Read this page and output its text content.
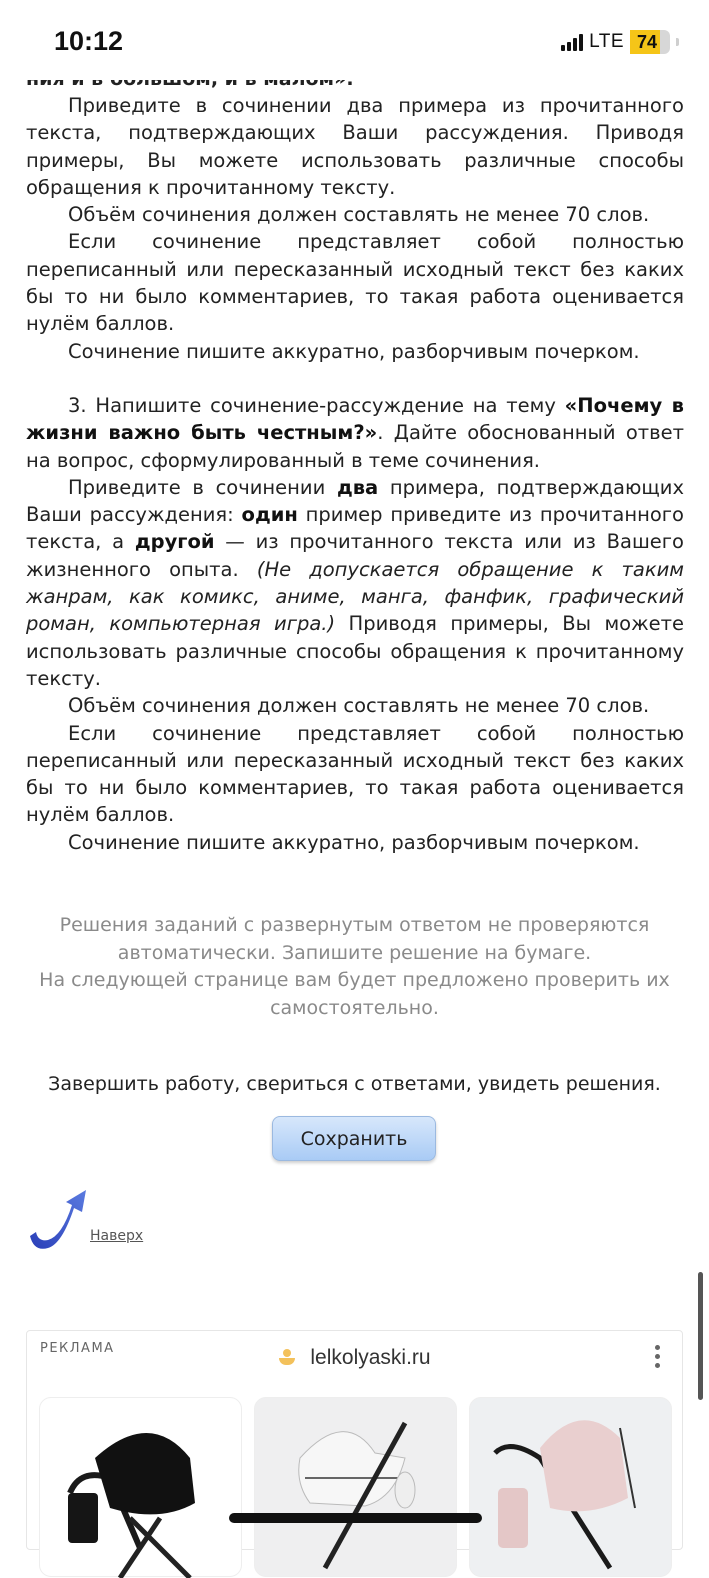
10:12	LTE 74

Приведите в сочинении два примера из прочитанного текста, подтверждающих Ваши рассуждения. Приводя примеры, Вы можете использовать различные способы обращения к прочитанному тексту.

Объём сочинения должен составлять не менее 70 слов.

Если сочинение представляет собой полностью переписанный или пересказанный исходный текст без каких бы то ни было комментариев, то такая работа оценивается нулём баллов.

Сочинение пишите аккуратно, разборчивым почерком.

3. Напишите сочинение-рассуждение на тему «Почему в жизни важно быть честным?». Дайте обоснованный ответ на вопрос, сформулированный в теме сочинения.

Приведите в сочинении два примера, подтверждающих Ваши рассуждения: один пример приведите из прочитанного текста, а другой — из прочитанного текста или из Вашего жизненного опыта. (Не допускается обращение к таким жанрам, как комикс, аниме, манга, фанфик, графический роман, компьютерная игра.) Приводя примеры, Вы можете использовать различные способы обращения к прочитанному тексту.

Объём сочинения должен составлять не менее 70 слов.

Если сочинение представляет собой полностью переписанный или пересказанный исходный текст без каких бы то ни было комментариев, то такая работа оценивается нулём баллов.

Сочинение пишите аккуратно, разборчивым почерком.

Решения заданий с развернутым ответом не проверяются автоматически. Запишите решение на бумаге.
На следующей странице вам будет предложено проверить их самостоятельно.
Завершить работу, свериться с ответами, увидеть решения.
Сохранить
Наверх
РЕКЛАМА	lelkolyaski.ru
